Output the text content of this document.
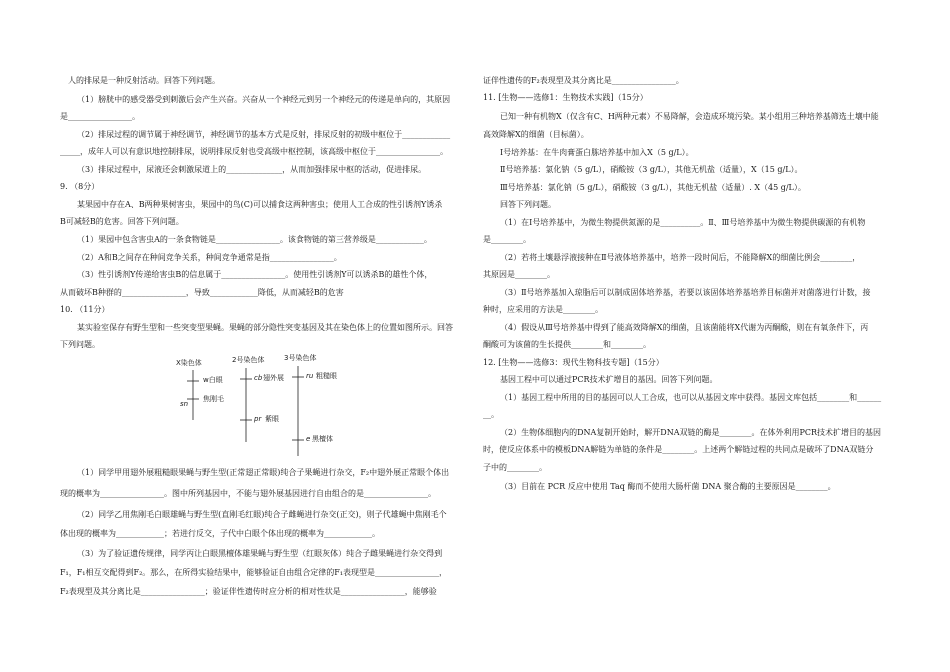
人的排尿是一种反射活动。回答下列问题。
（1）膀胱中的感受器受到刺激后会产生兴奋。兴奋从一个神经元到另一个神经元的传递是单向的，其原因
是________________。
（2）排尿过程的调节属于神经调节，神经调节的基本方式是反射，排尿反射的初级中枢位于____________
_____，成年人可以有意识地控制排尿，说明排尿反射也受高级中枢控制，该高级中枢位于________________。
（3）排尿过程中，尿液还会刺激尿道上的______________，从而加强排尿中枢的活动，促进排尿。
9. （8分）
某果园中存在A、B两种果树害虫，果园中的鸟(C)可以捕食这两种害虫；使用人工合成的性引诱剂Y诱杀
B可减轻B的危害。回答下列问题。
（1）果园中包含害虫A的一条食物链是________________。该食物链的第三营养级是____________。
（2）A和B之间存在种间竞争关系，种间竞争通常是指________________。
（3）性引诱剂Y传递给害虫B的信息属于________________。使用性引诱剂Y可以诱杀B的雄性个体，
从而破坏B种群的________________，导致____________降低，从而减轻B的危害
10. （11分）
某实验室保存有野生型和一些突变型果蝇。果蝇的部分隐性突变基因及其在染色体上的位置如图所示。回答
下列问题。
X染色体	2号染色体	3号染色体
w白眼
sn
焦刚毛
cb 翅外展
pr 紫眼
ru 粗糙眼
e 黑檀体
（1）同学甲用翅外展粗糙眼果蝇与野生型(正常翅正常眼)纯合子果蝇进行杂交，F₂中翅外展正常眼个体出
现的概率为________________。图中所列基因中，不能与翅外展基因进行自由组合的是________________。
（2）同学乙用焦刚毛白眼雄蝇与野生型(直刚毛红眼)纯合子雌蝇进行杂交(正交)，则子代雄蝇中焦刚毛个
体出现的概率为____________；若进行反交，子代中白眼个体出现的概率为____________。
（3）为了验证遗传规律，同学丙让白眼黑檀体雄果蝇与野生型（红眼灰体）纯合子雌果蝇进行杂交得到
F₁，F₁相互交配得到F₂。那么，在所得实验结果中，能够验证自由组合定律的F₁表现型是________________，
F₂表现型及其分离比是________________；验证伴性遗传时应分析的相对性状是________________，能够验
证伴性遗传的F₂表现型及其分离比是________________。
11. [生物——选修1：生物技术实践]（15分）
已知一种有机物X（仅含有C、H两种元素）不易降解，会造成环境污染。某小组用三种培养基筛选土壤中能
高效降解X的细菌（目标菌）。
Ⅰ号培养基：在牛肉膏蛋白胨培养基中加入X（5 g/L）。
Ⅱ号培养基：氯化钠（5 g/L），硝酸铵（3 g/L），其他无机盐（适量），X（15 g/L）。
Ⅲ号培养基：氯化钠（5 g/L），硝酸铵（3 g/L），其他无机盐（适量）. X（45 g/L）。
回答下列问题。
（1）在Ⅰ号培养基中，为微生物提供氮源的是__________。Ⅱ、Ⅲ号培养基中为微生物提供碳源的有机物
是________。
（2）若将土壤悬浮液接种在Ⅱ号液体培养基中，培养一段时间后，不能降解X的细菌比例会________，
其原因是________。
（3）Ⅱ号培养基加入琼脂后可以制成固体培养基，若要以该固体培养基培养目标菌并对菌落进行计数，接
种时，应采用的方法是________。
（4）假设从Ⅲ号培养基中得到了能高效降解X的细菌，且该菌能将X代谢为丙酮酸，则在有氧条件下，丙
酮酸可为该菌的生长提供________和________。
12. [生物——选修3：现代生物科技专题]（15分）
基因工程中可以通过PCR技术扩增目的基因。回答下列问题。
（1）基因工程中所用的目的基因可以人工合成，也可以从基因文库中获得。基因文库包括________和______
__。
（2）生物体细胞内的DNA复制开始时，解开DNA双链的酶是________。在体外利用PCR技术扩增目的基因
时，使反应体系中的模板DNA解链为单链的条件是________。上述两个解链过程的共同点是破坏了DNA双链分
子中的________。
（3）目前在 PCR 反应中使用 Taq 酶而不使用大肠杆菌 DNA 聚合酶的主要原因是________。
